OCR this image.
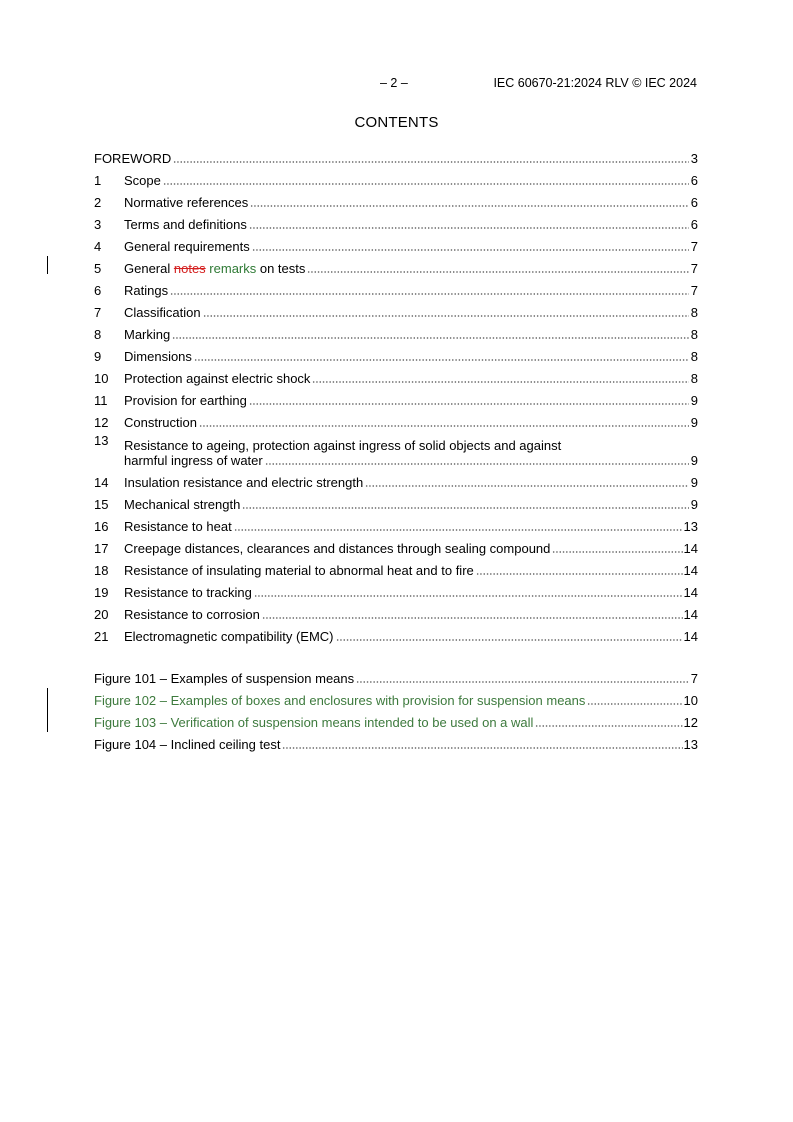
– 2 –	IEC 60670-21:2024 RLV © IEC 2024
CONTENTS
FOREWORD	3
1	Scope	6
2	Normative references	6
3	Terms and definitions	6
4	General requirements	7
5	General notes remarks on tests	7
6	Ratings	7
7	Classification	8
8	Marking	8
9	Dimensions	8
10	Protection against electric shock	8
11	Provision for earthing	9
12	Construction	9
13	Resistance to ageing, protection against ingress of solid objects and against
harmful ingress of water	9
14	Insulation resistance and electric strength	9
15	Mechanical strength	9
16	Resistance to heat	13
17	Creepage distances, clearances and distances through sealing compound	14
18	Resistance of insulating material to abnormal heat and to fire	14
19	Resistance to tracking	14
20	Resistance to corrosion	14
21	Electromagnetic compatibility (EMC)	14
Figure 101 – Examples of suspension means	7
Figure 102 – Examples of boxes and enclosures with provision for suspension means	10
Figure 103 – Verification of suspension means intended to be used on a wall	12
Figure 104 – Inclined ceiling test	13
